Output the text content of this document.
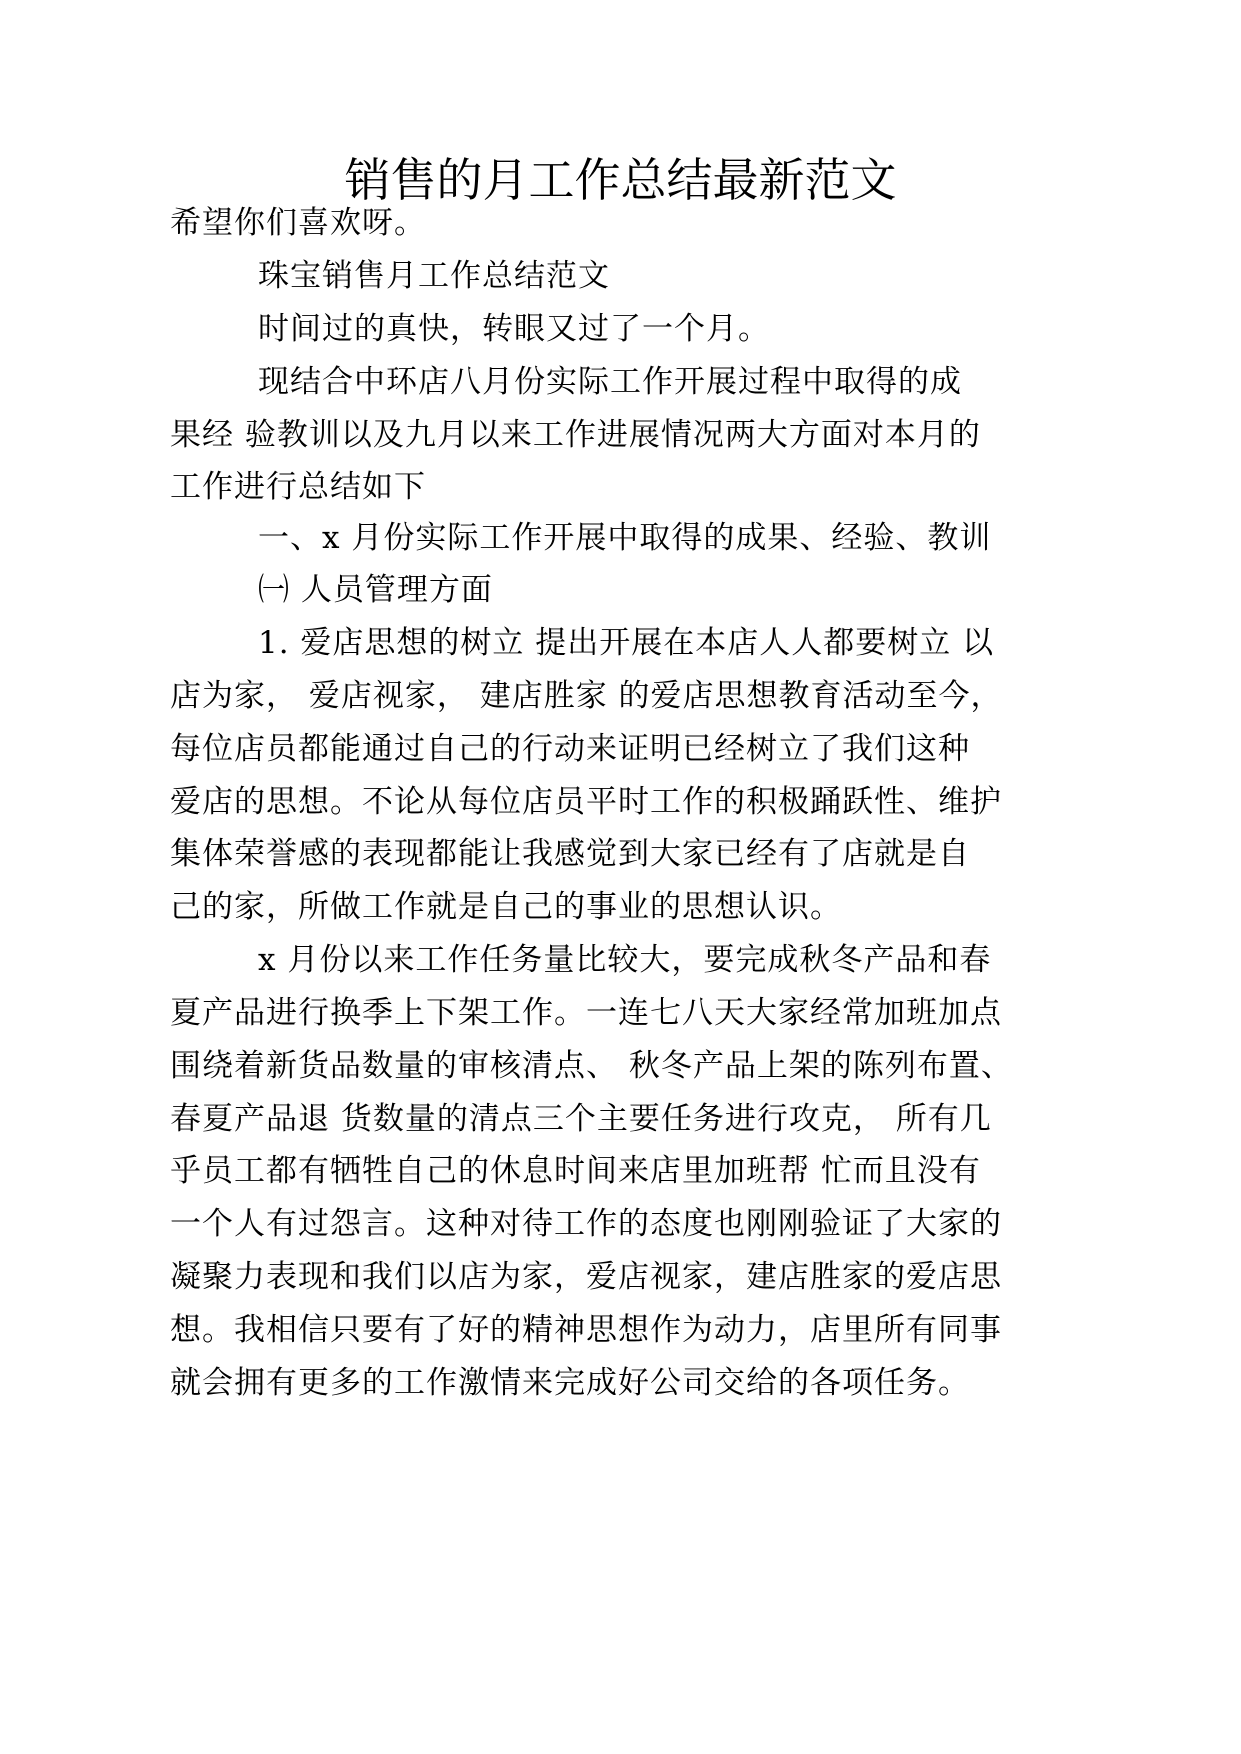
销售的月工作总结最新范文
希望你们喜欢呀。
珠宝销售月工作总结范文
时间过的真快，转眼又过了一个月。
现结合中环店八月份实际工作开展过程中取得的成
果经 验教训以及九月以来工作进展情况两大方面对本月的
工作进行总结如下
一、x 月份实际工作开展中取得的成果、经验、教训
㈠ 人员管理方面
1. 爱店思想的树立 提出开展在本店人人都要树立 以
店为家， 爱店视家， 建店胜家 的爱店思想教育活动至今，
每位店员都能通过自己的行动来证明已经树立了我们这种
爱店的思想。不论从每位店员平时工作的积极踊跃性、维护
集体荣誉感的表现都能让我感觉到大家已经有了店就是自
己的家，所做工作就是自己的事业的思想认识。
x 月份以来工作任务量比较大，要完成秋冬产品和春
夏产品进行换季上下架工作。一连七八天大家经常加班加点
围绕着新货品数量的审核清点、 秋冬产品上架的陈列布置、
春夏产品退 货数量的清点三个主要任务进行攻克， 所有几
乎员工都有牺牲自己的休息时间来店里加班帮 忙而且没有
一个人有过怨言。这种对待工作的态度也刚刚验证了大家的
凝聚力表现和我们以店为家，爱店视家，建店胜家的爱店思
想。我相信只要有了好的精神思想作为动力，店里所有同事
就会拥有更多的工作激情来完成好公司交给的各项任务。
